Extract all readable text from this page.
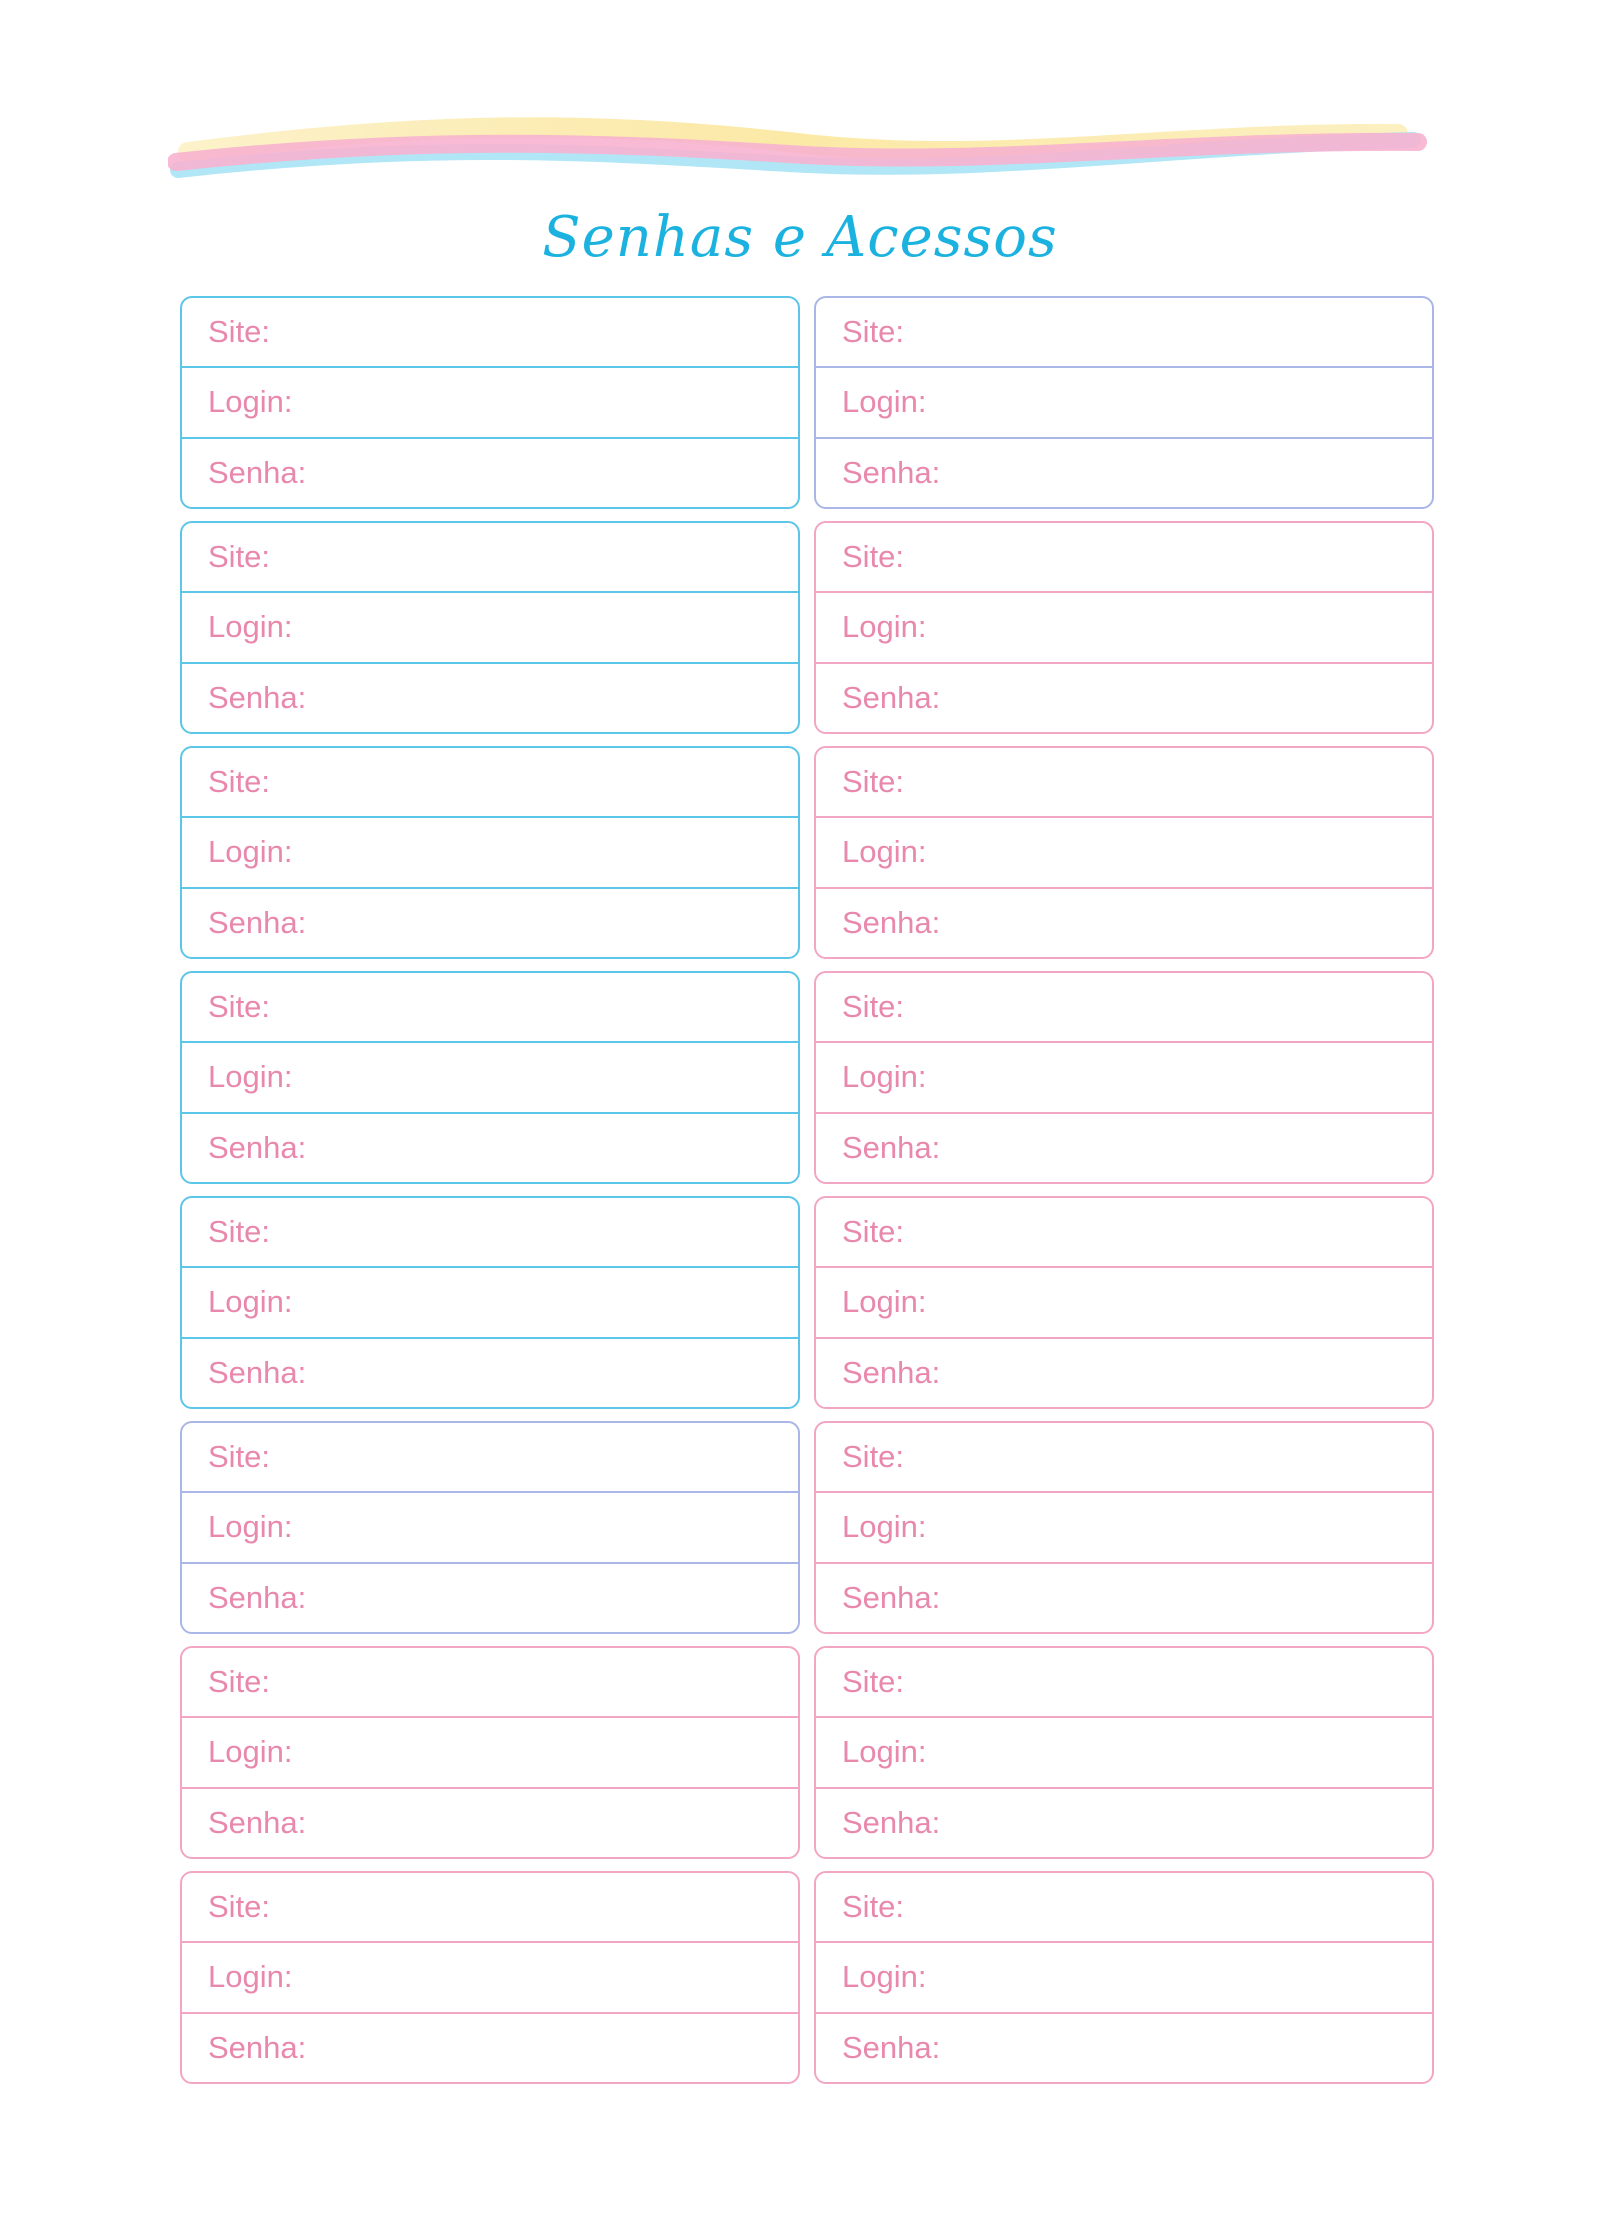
Senhas e Acessos
Site:
Login:
Senha:
Site:
Login:
Senha:
Site:
Login:
Senha:
Site:
Login:
Senha:
Site:
Login:
Senha:
Site:
Login:
Senha:
Site:
Login:
Senha:
Site:
Login:
Senha:
Site:
Login:
Senha:
Site:
Login:
Senha:
Site:
Login:
Senha:
Site:
Login:
Senha:
Site:
Login:
Senha:
Site:
Login:
Senha:
Site:
Login:
Senha:
Site:
Login:
Senha:
